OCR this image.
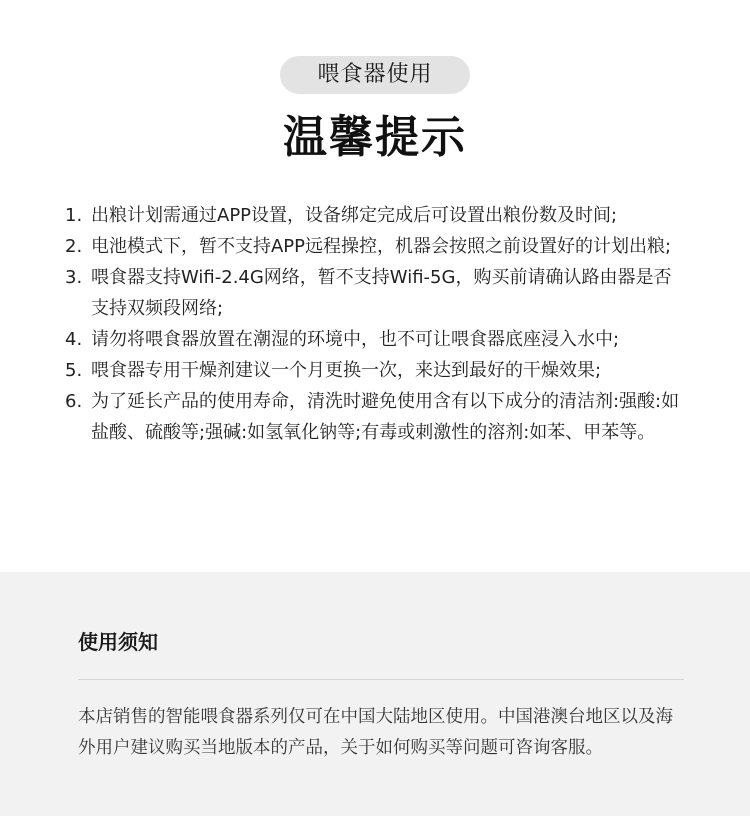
喂食器使用
温馨提示
1. 出粮计划需通过APP设置，设备绑定完成后可设置出粮份数及时间;
2. 电池模式下，暂不支持APP远程操控，机器会按照之前设置好的计划出粮;
3. 喂食器支持Wifi-2.4G网络，暂不支持Wifi-5G，购买前请确认路由器是否支持双频段网络;
4. 请勿将喂食器放置在潮湿的环境中，也不可让喂食器底座浸入水中;
5. 喂食器专用干燥剂建议一个月更换一次，来达到最好的干燥效果;
6. 为了延长产品的使用寿命，清洗时避免使用含有以下成分的清洁剂:强酸:如盐酸、硫酸等;强碱:如氢氧化钠等;有毒或刺激性的溶剂:如苯、甲苯等。
使用须知
本店销售的智能喂食器系列仅可在中国大陆地区使用。中国港澳台地区以及海外用户建议购买当地版本的产品，关于如何购买等问题可咨询客服。
